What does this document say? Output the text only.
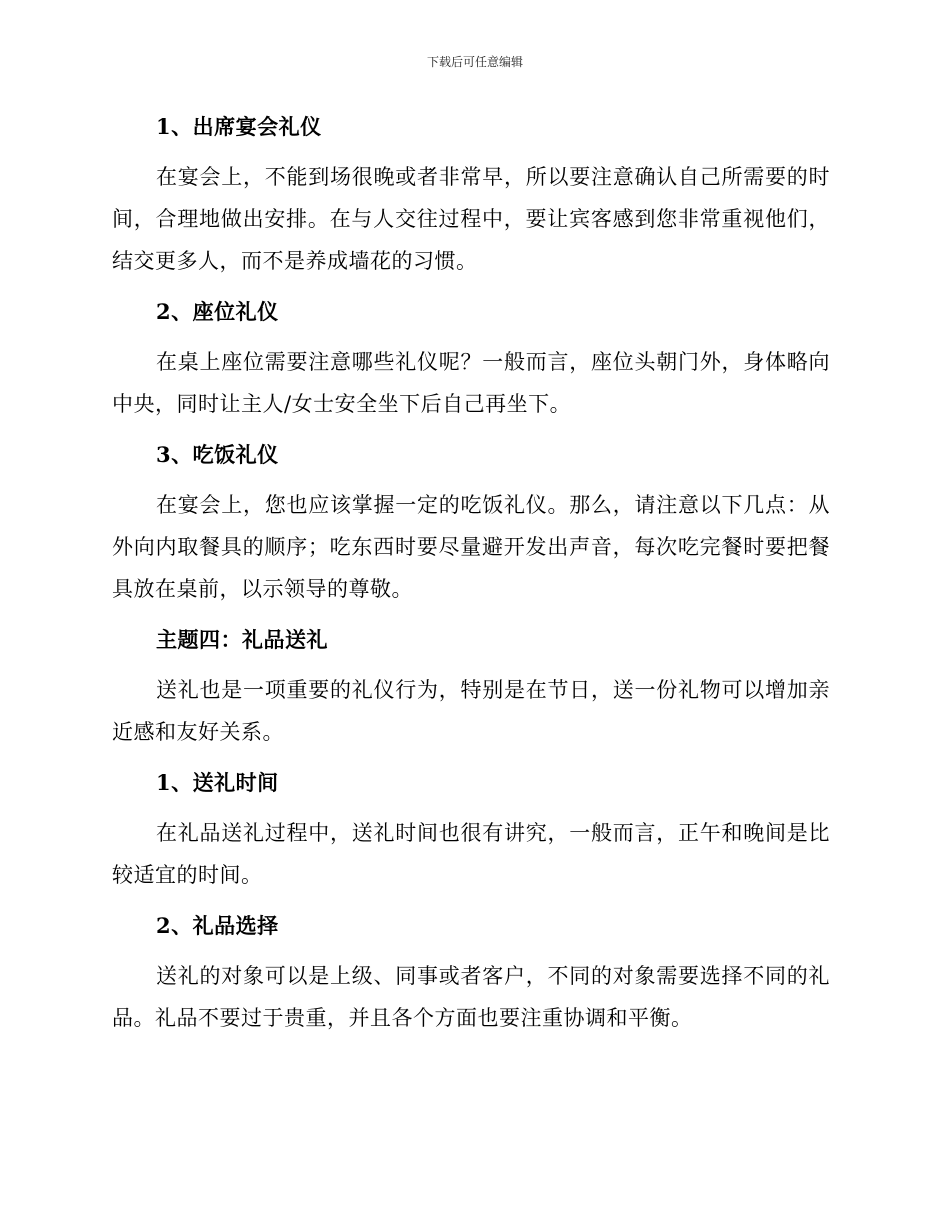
下载后可任意编辑

1、出席宴会礼仪

在宴会上，不能到场很晚或者非常早，所以要注意确认自己所需要的时间，合理地做出安排。在与人交往过程中，要让宾客感到您非常重视他们，结交更多人，而不是养成墙花的习惯。

2、座位礼仪

在桌上座位需要注意哪些礼仪呢？一般而言，座位头朝门外，身体略向中央，同时让主人/女士安全坐下后自己再坐下。

3、吃饭礼仪

在宴会上，您也应该掌握一定的吃饭礼仪。那么，请注意以下几点：从外向内取餐具的顺序；吃东西时要尽量避开发出声音，每次吃完餐时要把餐具放在桌前，以示领导的尊敬。

主题四：礼品送礼

送礼也是一项重要的礼仪行为，特别是在节日，送一份礼物可以增加亲近感和友好关系。

1、送礼时间

在礼品送礼过程中，送礼时间也很有讲究，一般而言，正午和晚间是比较适宜的时间。

2、礼品选择

送礼的对象可以是上级、同事或者客户，不同的对象需要选择不同的礼品。礼品不要过于贵重，并且各个方面也要注重协调和平衡。
